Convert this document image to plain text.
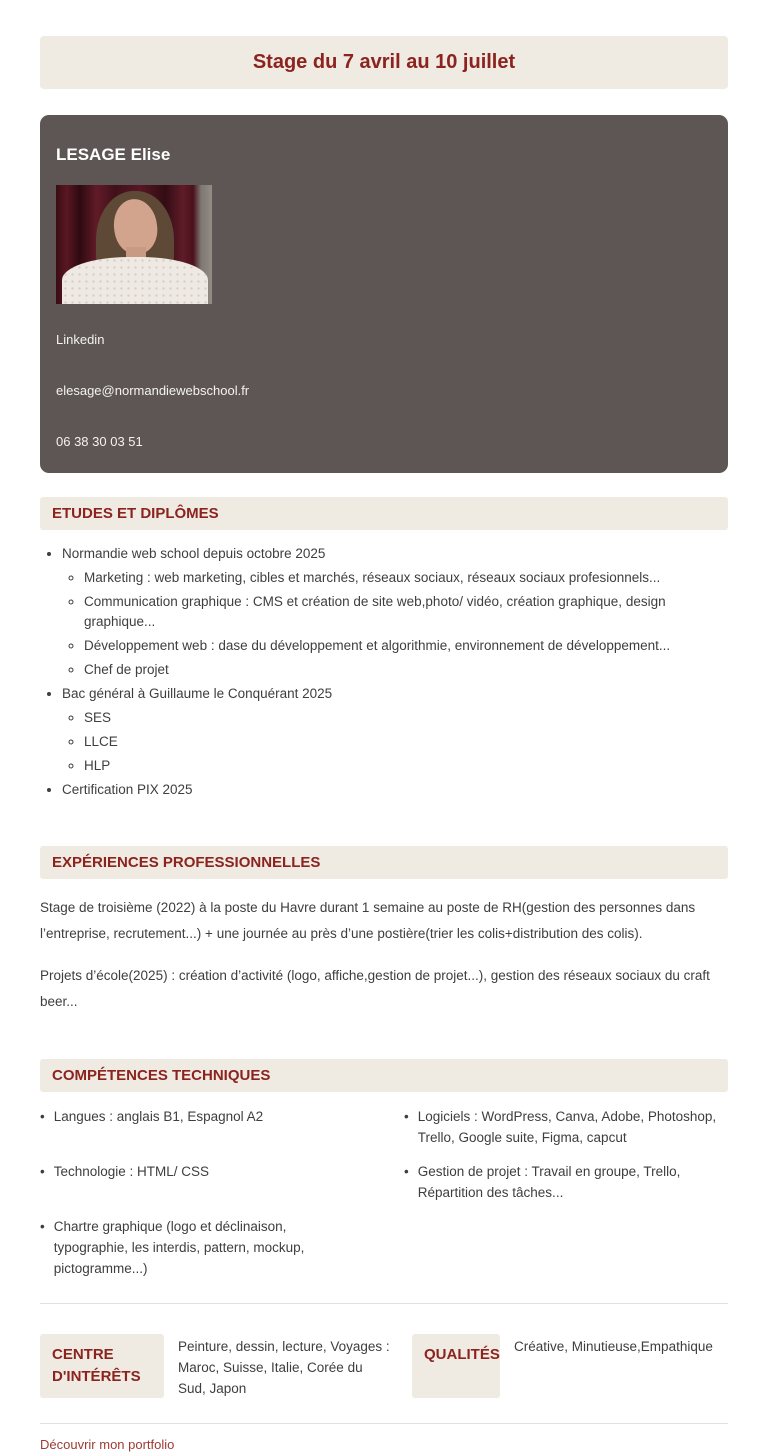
Stage du 7 avril au 10 juillet

LESAGE Elise

Linkedin

elesage@normandiewebschool.fr

06 38 30 03 51

ETUDES ET DIPLÔMES
• Normandie web school depuis octobre 2025
◦ Marketing : web marketing, cibles et marchés, réseaux sociaux, réseaux sociaux profesionnels...
◦ Communication graphique : CMS et création de site web,photo/ vidéo, création graphique, design graphique...
◦ Développement web : dase du développement et algorithmie, environnement de développement...
◦ Chef de projet
• Bac général à Guillaume le Conquérant 2025
◦ SES
◦ LLCE
◦ HLP
• Certification PIX 2025
EXPÉRIENCES PROFESSIONNELLES

Stage de troisième (2022) à la poste du Havre durant 1 semaine au poste de RH(gestion des personnes dans l’entreprise, recrutement...) + une journée au près d’une postière(trier les colis+distribution des colis).

Projets d’école(2025) : création d’activité (logo, affiche,gestion de projet...), gestion des réseaux sociaux du craft beer...

COMPÉTENCES TECHNIQUES
• Langues : anglais B1, Espagnol A2	• Logiciels : WordPress, Canva, Adobe, Photoshop, Trello, Google suite, Figma, capcut
• Technologie : HTML/ CSS	• Gestion de projet : Travail en groupe, Trello, Répartition des tâches...
• Chartre graphique (logo et déclinaison, typographie, les interdis, pattern, mockup, pictogramme...)
CENTRE D'INTÉRÊTS
Peinture, dessin, lecture, Voyages : Maroc, Suisse, Italie, Corée du Sud, Japon
QUALITÉS Créative, Minutieuse,Empathique
Découvrir mon portfolio
